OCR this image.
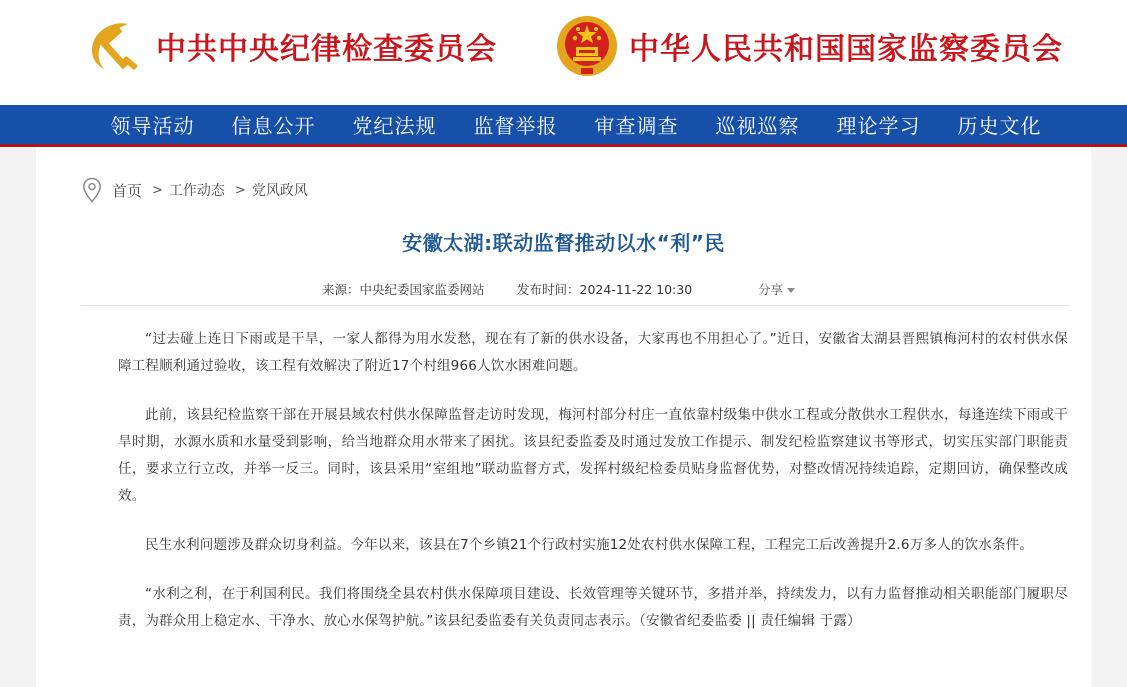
中共中央纪律检查委员会	中华人民共和国国家监察委员会
领导活动	信息公开	党纪法规	监督举报	审查调查	巡视巡察	理论学习	历史文化
首页 > 工作动态 > 党风政风
安徽太湖:联动监督推动以水“利”民
来源：中央纪委国家监委网站	发布时间：2024-11-22 10:30	分享

“过去碰上连日下雨或是干旱，一家人都得为用水发愁，现在有了新的供水设备，大家再也不用担心了。”近日，安徽省太湖县晋熙镇梅河村的农村供水保障工程顺利通过验收，该工程有效解决了附近17个村组966人饮水困难问题。

此前，该县纪检监察干部在开展县域农村供水保障监督走访时发现，梅河村部分村庄一直依靠村级集中供水工程或分散供水工程供水，每逢连续下雨或干旱时期，水源水质和水量受到影响，给当地群众用水带来了困扰。该县纪委监委及时通过发放工作提示、制发纪检监察建议书等形式，切实压实部门职能责任，要求立行立改，并举一反三。同时，该县采用“室组地”联动监督方式，发挥村级纪检委员贴身监督优势，对整改情况持续追踪，定期回访，确保整改成效。

民生水利问题涉及群众切身利益。今年以来，该县在7个乡镇21个行政村实施12处农村供水保障工程，工程完工后改善提升2.6万多人的饮水条件。

“水利之利，在于利国利民。我们将围绕全县农村供水保障项目建设、长效管理等关键环节，多措并举，持续发力，以有力监督推动相关职能部门履职尽责，为群众用上稳定水、干净水、放心水保驾护航。”该县纪委监委有关负责同志表示。（安徽省纪委监委 || 责任编辑 于露）
